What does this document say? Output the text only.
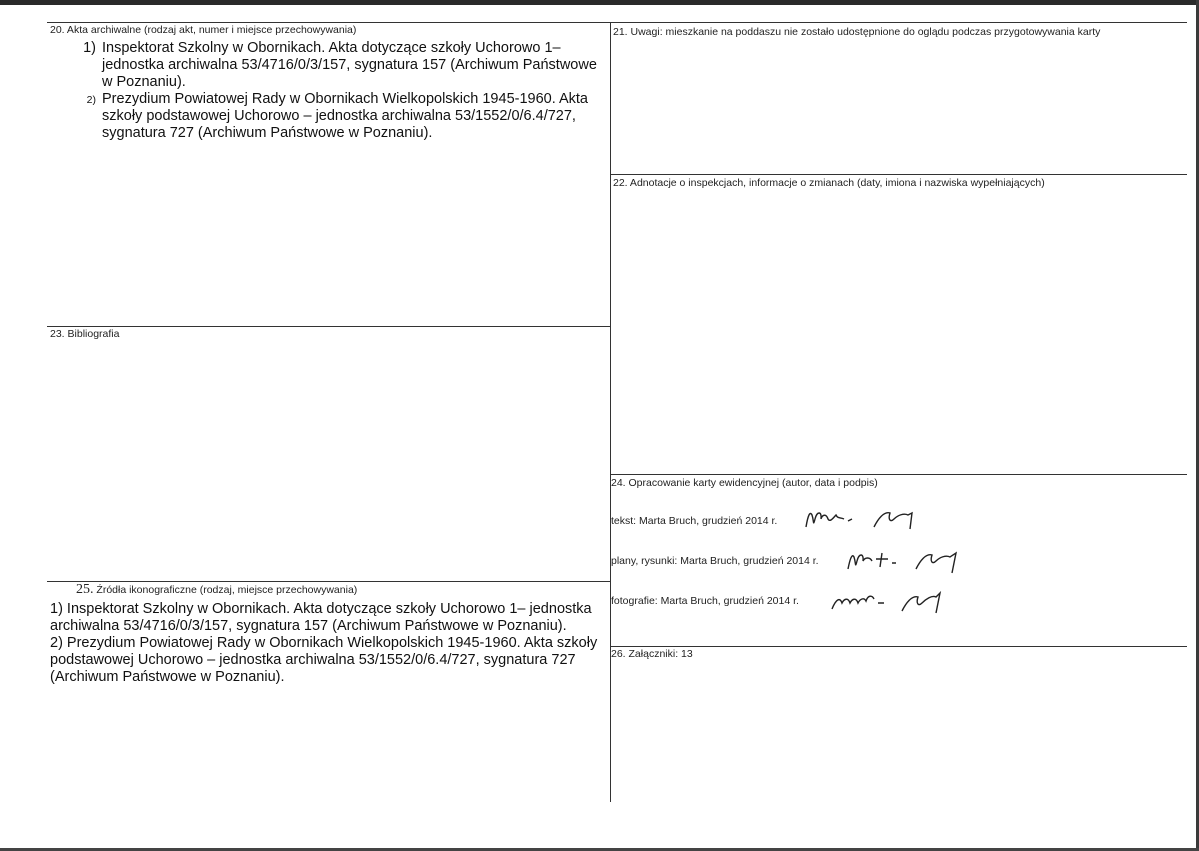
20. Akta archiwalne (rodzaj akt, numer i miejsce przechowywania)
1) Inspektorat Szkolny w Obornikach. Akta dotyczące szkoły Uchorowo 1– jednostka archiwalna 53/4716/0/3/157, sygnatura 157 (Archiwum Państwowe w Poznaniu).
2) Prezydium Powiatowej Rady w Obornikach Wielkopolskich 1945-1960. Akta szkoły podstawowej Uchorowo – jednostka archiwalna 53/1552/0/6.4/727, sygnatura 727 (Archiwum Państwowe w Poznaniu).
21. Uwagi: mieszkanie na poddaszu nie zostało udostępnione do oglądu podczas przygotowywania karty
22. Adnotacje o inspekcjach, informacje o zmianach (daty, imiona i nazwiska wypełniających)
23. Bibliografia
24. Opracowanie karty ewidencyjnej (autor, data i podpis)
tekst: Marta Bruch, grudzień 2014 r.
plany, rysunki: Marta Bruch, grudzień 2014 r.
fotografie: Marta Bruch, grudzień 2014 r.
25. Źródła ikonograficzne (rodzaj, miejsce przechowywania)

1) Inspektorat Szkolny w Obornikach. Akta dotyczące szkoły Uchorowo 1– jednostka archiwalna 53/4716/0/3/157, sygnatura 157 (Archiwum Państwowe w Poznaniu).

2) Prezydium Powiatowej Rady w Obornikach Wielkopolskich 1945-1960. Akta szkoły podstawowej Uchorowo – jednostka archiwalna 53/1552/0/6.4/727, sygnatura 727 (Archiwum Państwowe w Poznaniu).

26. Załączniki: 13
